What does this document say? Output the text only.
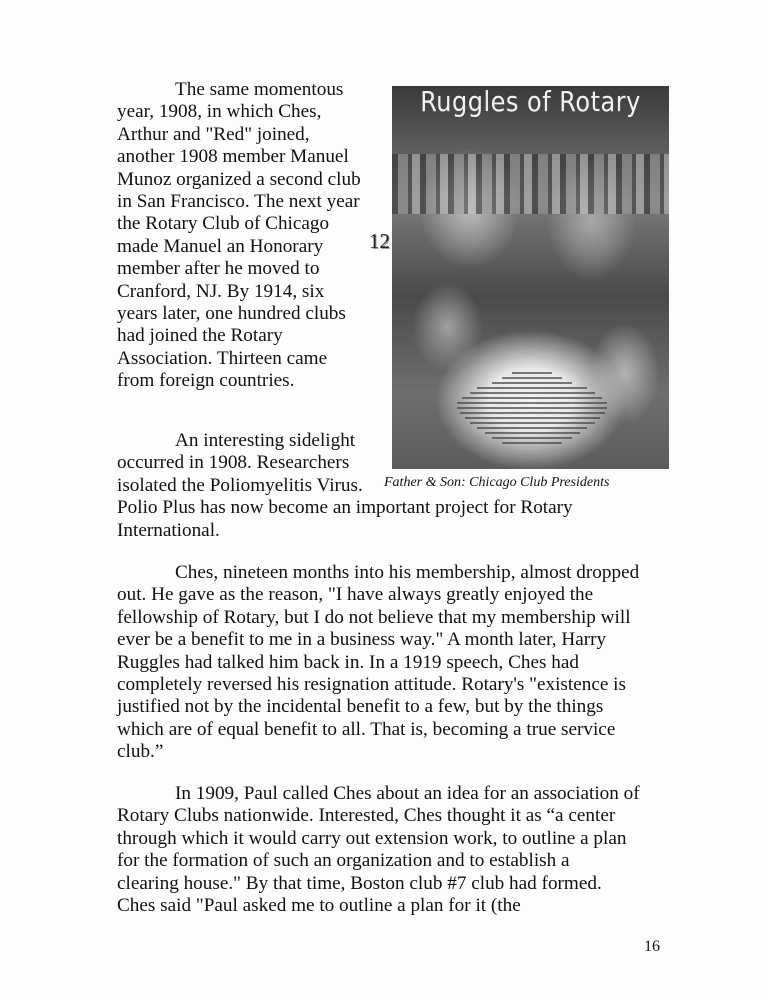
The same momentous
year, 1908, in which Ches,
Arthur and "Red" joined,
another 1908 member Manuel
Munoz organized a second club
in San Francisco. The next year
the Rotary Club of Chicago
made Manuel an Honorary
member after he moved to
Cranford, NJ. By 1914, six
years later, one hundred clubs
had joined the Rotary
Association. Thirteen came
from foreign countries.
12
Ruggles of Rotary
An interesting sidelight
occurred in 1908. Researchers
isolated the Poliomyelitis Virus.
Polio Plus has now become an important project for Rotary
International.
Father & Son: Chicago Club Presidents
Ches, nineteen months into his membership, almost dropped
out. He gave as the reason, "I have always greatly enjoyed the
fellowship of Rotary, but I do not believe that my membership will
ever be a benefit to me in a business way." A month later, Harry
Ruggles had talked him back in. In a 1919 speech, Ches had
completely reversed his resignation attitude. Rotary's "existence is
justified not by the incidental benefit to a few, but by the things
which are of equal benefit to all. That is, becoming a true service
club.”
In 1909, Paul called Ches about an idea for an association of
Rotary Clubs nationwide. Interested, Ches thought it as “a center
through which it would carry out extension work, to outline a plan
for the formation of such an organization and to establish a
clearing house." By that time, Boston club #7 club had formed.
Ches said "Paul asked me to outline a plan for it (the
16
